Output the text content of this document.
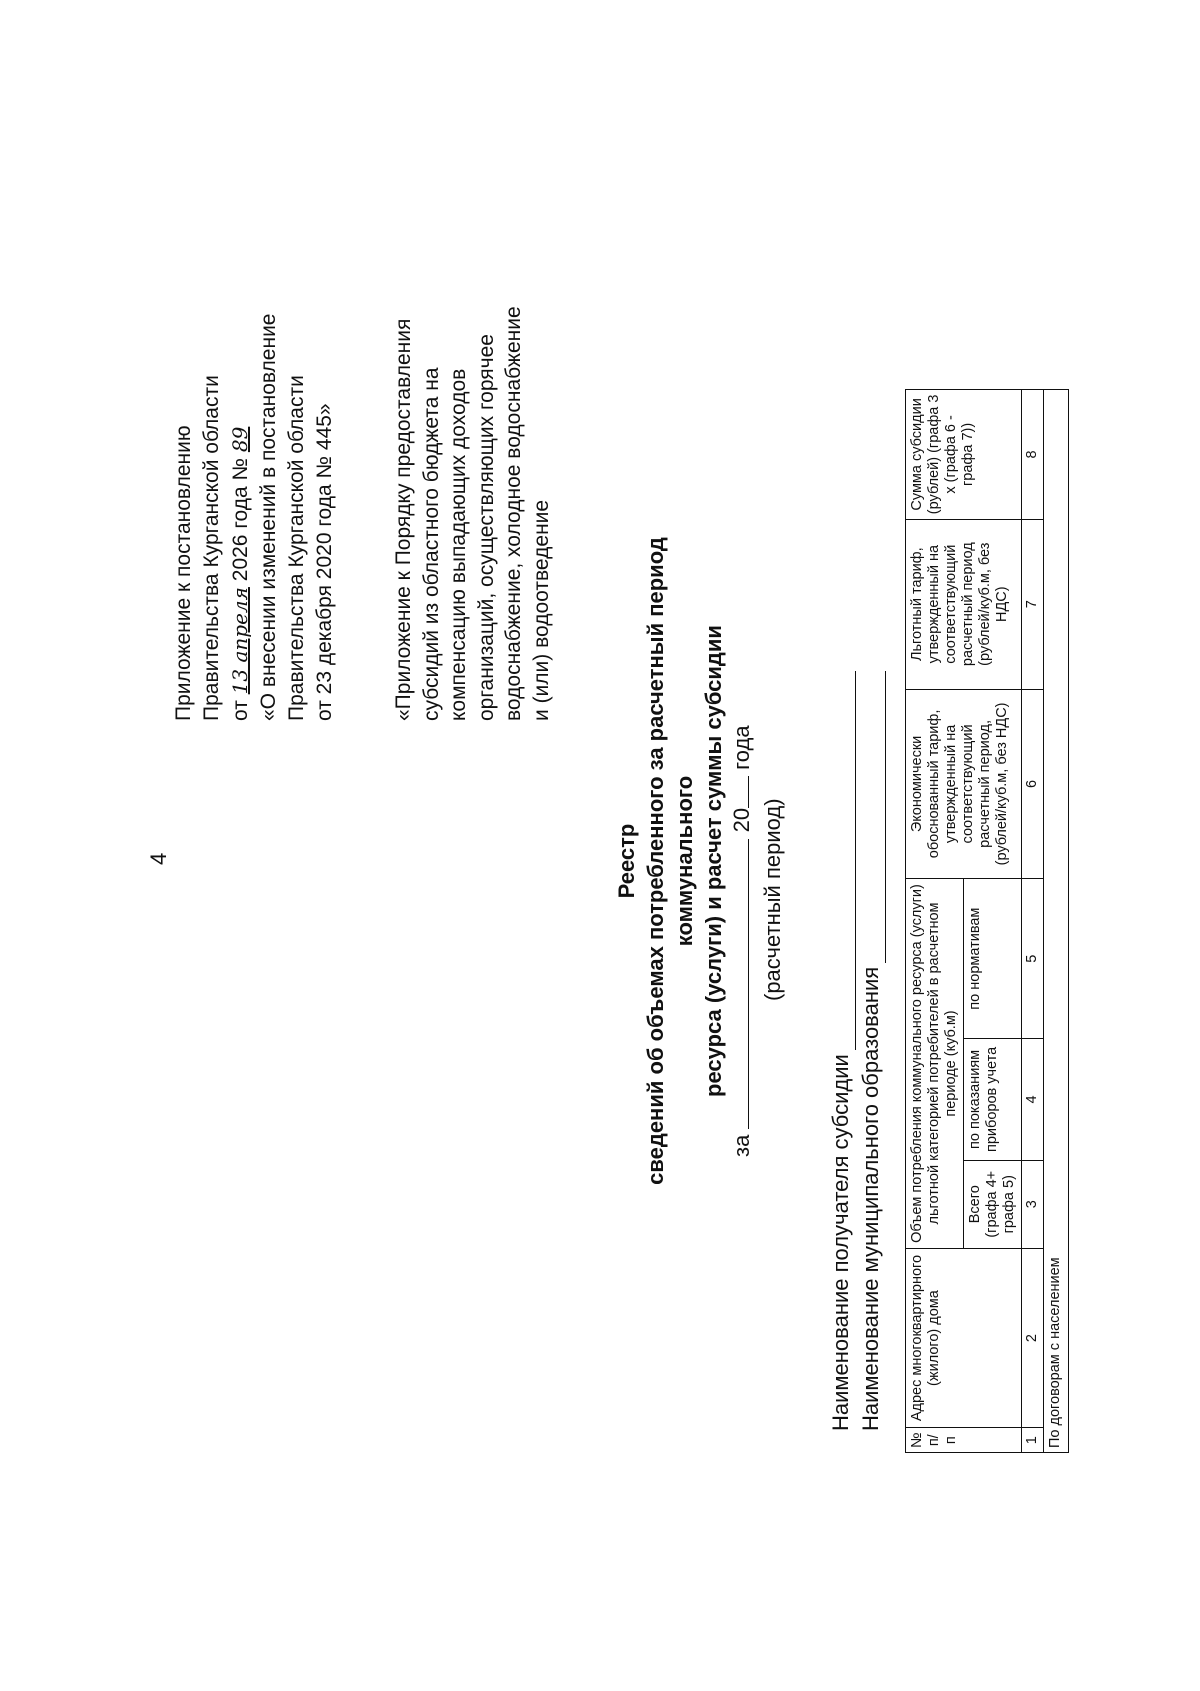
4
Приложение к постановлению Правительства Курганской области от 13 апреля 2026 года № 89 «О внесении изменений в постановление Правительства Курганской области от 23 декабря 2020 года № 445»	«Приложение к Порядку предоставления субсидий из областного бюджета на компенсацию выпадающих доходов организаций, осуществляющих горячее водоснабжение, холодное водоснабжение и (или) водоотведение
Реестр сведений об объемах потребленного за расчетный период коммунального ресурса (услуги) и расчет суммы субсидии
за  20 года
(расчетный период)
Наименование получателя субсидии Наименование муниципального образования
№ п/п	Адрес многоквартирного (жилого) дома	Объем потребления коммунального ресурса (услуги) льготной категорией потребителей в расчетном периоде (куб.м)			Экономически обоснованный тариф, утвержденный на соответствующий расчетный период, (рублей/куб.м, без НДС)	Льготный тариф, утвержденный на соответствующий расчетный период (рублей/куб.м, без НДС)	Сумма субсидии (рублей) (графа 3 х (графа 6 - графа 7))
		Всего (графа 4+ графа 5)	по показаниям приборов учета	по нормативам			
1	2	3	4	5	6	7	8
По договорам с населением							
